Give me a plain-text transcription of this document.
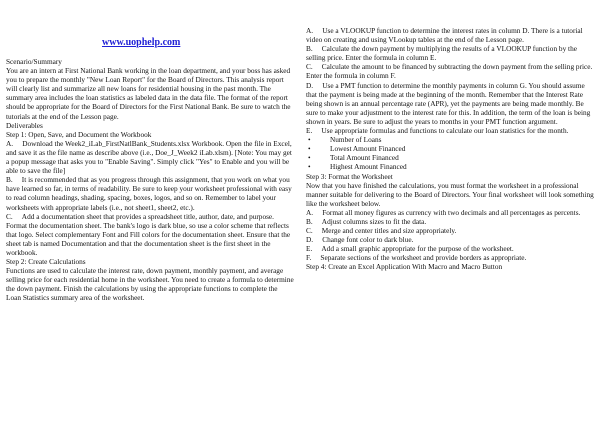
www.uophelp.com

Scenario/Summary

You are an intern at First National Bank working in the loan department, and your boss has asked you to prepare the monthly "New Loan Report" for the Board of Directors. This analysis report will clearly list and summarize all new loans for residential housing in the past month. The summary area includes the loan statistics as labeled data in the data file. The format of the report should be appropriate for the Board of Directors for the First National Bank. Be sure to watch the tutorials at the end of the Lesson page.

Deliverables

Step 1: Open, Save, and Document the Workbook

A.     Download the Week2_iLab_FirstNatlBank_Students.xlsx Workbook. Open the file in Excel, and save it as the file name as describe above (i.e., Doe_J_Week2 iLab.xlsm). [Note: You may get a popup message that asks you to "Enable Saving". Simply click "Yes" to Enable and you will be able to save the file]

B.     It is recommended that as you progress through this assignment, that you work on what you have learned so far, in terms of readability. Be sure to keep your worksheet professional with easy to read column headings, shading, spacing, boxes, logos, and so on. Remember to label your worksheets with appropriate labels (i.e., not sheet1, sheet2, etc.).

C.     Add a documentation sheet that provides a spreadsheet title, author, date, and purpose. Format the documentation sheet. The bank's logo is dark blue, so use a color scheme that reflects that logo. Select complementary Font and Fill colors for the documentation sheet. Ensure that the sheet tab is named Documentation and that the documentation sheet is the first sheet in the workbook.

Step 2: Create Calculations

Functions are used to calculate the interest rate, down payment, monthly payment, and average selling price for each residential home in the worksheet. You need to create a formula to determine the down payment. Finish the calculations by using the appropriate functions to complete the Loan Statistics summary area of the worksheet.

A.     Use a VLOOKUP function to determine the interest rates in column D. There is a tutorial video on creating and using VLookup tables at the end of the Lesson page.

B.     Calculate the down payment by multiplying the results of a VLOOKUP function by the selling price. Enter the formula in column E.

C.     Calculate the amount to be financed by subtracting the down payment from the selling price. Enter the formula in column F.

D.     Use a PMT function to determine the monthly payments in column G. You should assume that the payment is being made at the beginning of the month. Remember that the Interest Rate being shown is an annual percentage rate (APR), yet the payments are being made monthly. Be sure to make your adjustment to the interest rate for this. In addition, the term of the loan is being shown in years. Be sure to adjust the years to months in your PMT function argument.

E.     Use appropriate formulas and functions to calculate our loan statistics for the month.

•	Number of Loans
•	Lowest Amount Financed
•	Total Amount Financed
•	Highest Amount Financed

Step 3: Format the Worksheet

Now that you have finished the calculations, you must format the worksheet in a professional manner suitable for delivering to the Board of Directors. Your final worksheet will look something like the worksheet below.

A.     Format all money figures as currency with two decimals and all percentages as percents.

B.     Adjust columns sizes to fit the data.

C.     Merge and center titles and size appropriately.

D.     Change font color to dark blue.

E.     Add a small graphic appropriate for the purpose of the worksheet.

F.     Separate sections of the worksheet and provide borders as appropriate.

Step 4: Create an Excel Application With Macro and Macro Button
